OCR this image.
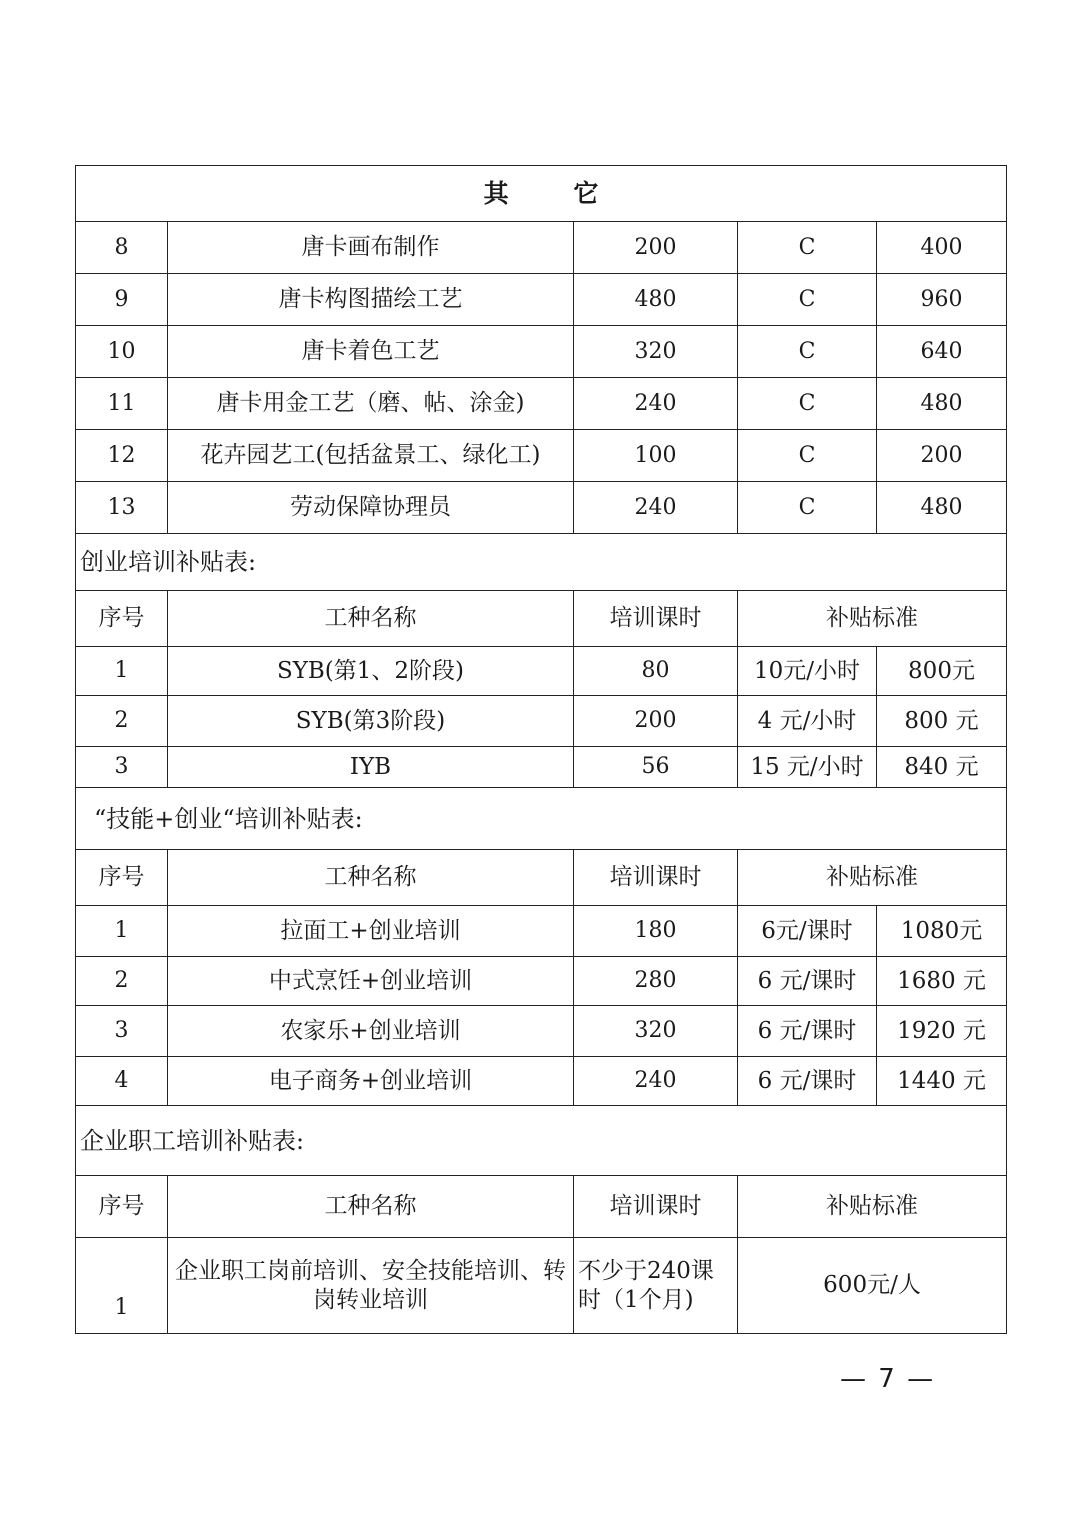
其 它				
8	唐卡画布制作	200	C	400
9	唐卡构图描绘工艺	480	C	960
10	唐卡着色工艺	320	C	640
11	唐卡用金工艺（磨、帖、涂金)	240	C	480
12	花卉园艺工(包括盆景工、绿化工)	100	C	200
13	劳动保障协理员	240	C	480
创业培训补贴表:				
序号	工种名称	培训课时	补贴标准	
1	SYB(第1、2阶段)	80	10元/小时	800元
2	SYB(第3阶段)	200	4 元/小时	800 元
3	IYB	56	15 元/小时	840 元
“技能+创业“培训补贴表:				
序号	工种名称	培训课时	补贴标准	
1	拉面工+创业培训	180	6元/课时	1080元
2	中式烹饪+创业培训	280	6 元/课时	1680 元
3	农家乐+创业培训	320	6 元/课时	1920 元
4	电子商务+创业培训	240	6 元/课时	1440 元
企业职工培训补贴表:				
序号	工种名称	培训课时	补贴标准	
1	企业职工岗前培训、安全技能培训、转岗转业培训	不少于240课时（1个月)	600元/人	
— 7 —
